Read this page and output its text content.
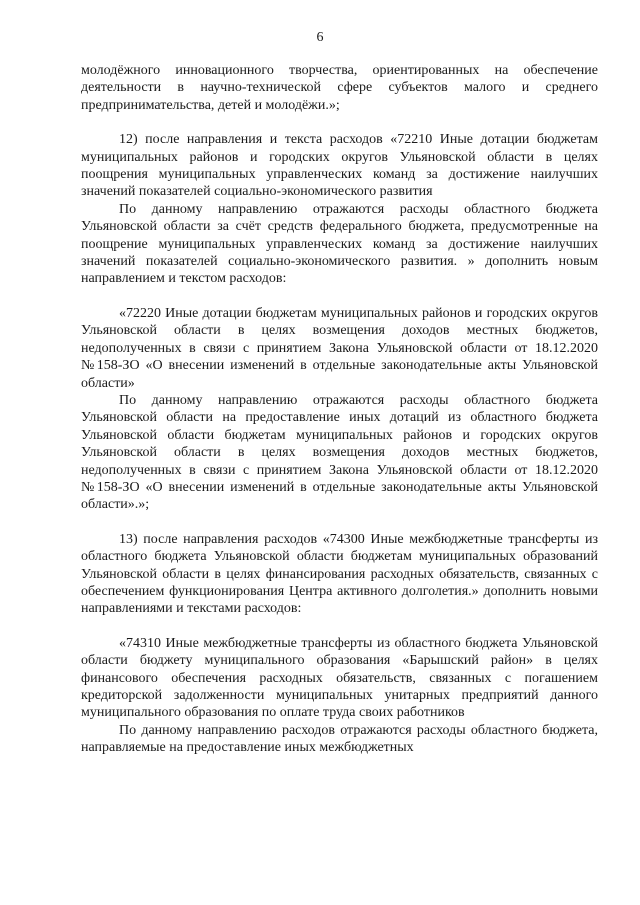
6

молодёжного инновационного творчества, ориентированных на обеспечение деятельности в научно-технической сфере субъектов малого и среднего предпринимательства, детей и молодёжи.»;

12) после направления и текста расходов «72210 Иные дотации бюджетам муниципальных районов и городских округов Ульяновской области в целях поощрения муниципальных управленческих команд за достижение наилучших значений показателей социально-экономического развития

По данному направлению отражаются расходы областного бюджета Ульяновской области за счёт средств федерального бюджета, предусмотренные на поощрение муниципальных управленческих команд за достижение наилучших значений показателей социально-экономического развития. » дополнить новым направлением и текстом расходов:

«72220 Иные дотации бюджетам муниципальных районов и городских округов Ульяновской области в целях возмещения доходов местных бюджетов, недополученных в связи с принятием Закона Ульяновской области от 18.12.2020 №158-ЗО «О внесении изменений в отдельные законодательные акты Ульяновской области»

По данному направлению отражаются расходы областного бюджета Ульяновской области на предоставление иных дотаций из областного бюджета Ульяновской области бюджетам муниципальных районов и городских округов Ульяновской области в целях возмещения доходов местных бюджетов, недополученных в связи с принятием Закона Ульяновской области от 18.12.2020 №158-ЗО «О внесении изменений в отдельные законодательные акты Ульяновской области».»;

13) после направления расходов «74300 Иные межбюджетные трансферты из областного бюджета Ульяновской области бюджетам муниципальных образований Ульяновской области в целях финансирования расходных обязательств, связанных с обеспечением функционирования Центра активного долголетия.» дополнить новыми направлениями и текстами расходов:

«74310 Иные межбюджетные трансферты из областного бюджета Ульяновской области бюджету муниципального образования «Барышский район» в целях финансового обеспечения расходных обязательств, связанных с погашением кредиторской задолженности муниципальных унитарных предприятий данного муниципального образования по оплате труда своих работников

По данному направлению расходов отражаются расходы областного бюджета, направляемые на предоставление иных межбюджетных
